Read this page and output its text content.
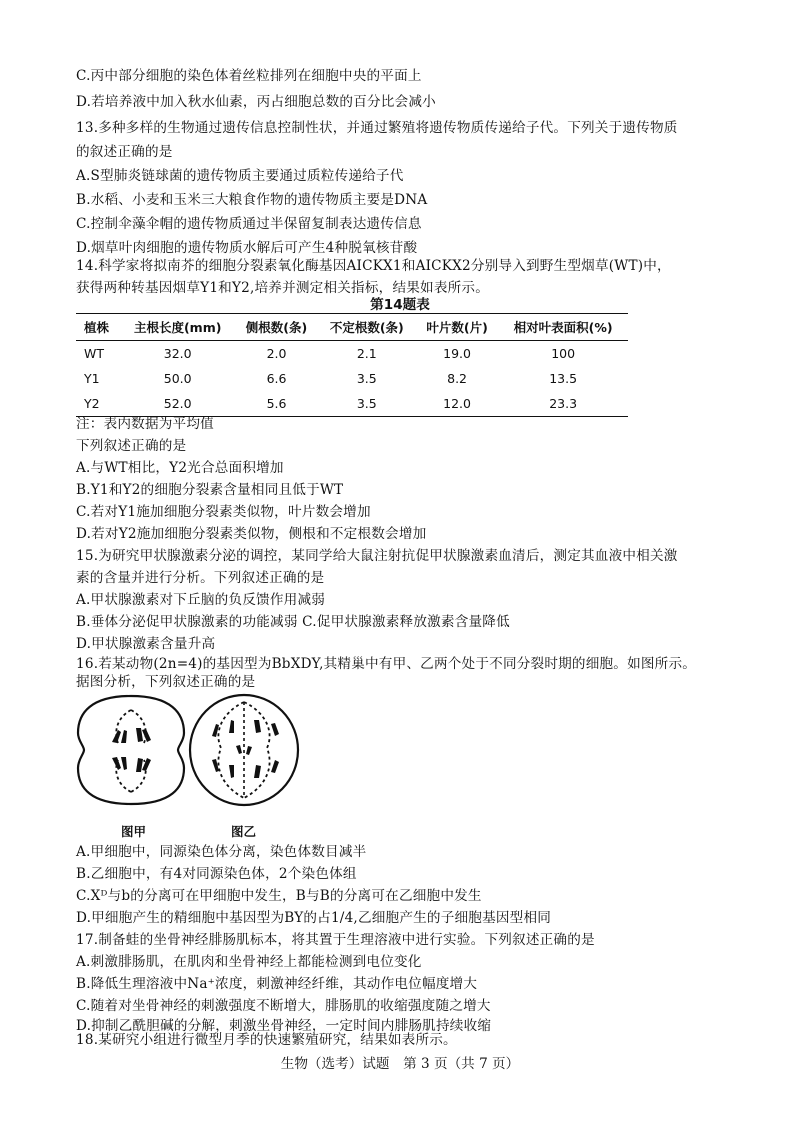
C.丙中部分细胞的染色体着丝粒排列在细胞中央的平面上
D.若培养液中加入秋水仙素，丙占细胞总数的百分比会减小
13.多种多样的生物通过遗传信息控制性状，并通过繁殖将遗传物质传递给子代。下列关于遗传物质
的叙述正确的是
A.S型肺炎链球菌的遗传物质主要通过质粒传递给子代
B.水稻、小麦和玉米三大粮食作物的遗传物质主要是DNA
C.控制伞藻伞帽的遗传物质通过半保留复制表达遗传信息
D.烟草叶肉细胞的遗传物质水解后可产生4种脱氧核苷酸
14.科学家将拟南芥的细胞分裂素氧化酶基因AICKX1和AICKX2分别导入到野生型烟草(WT)中，
获得两种转基因烟草Y1和Y2,培养并测定相关指标，结果如表所示。
第14题表
植株	主根长度(mm)	侧根数(条)	不定根数(条)	叶片数(片)	相对叶表面积(%)
WT	32.0	2.0	2.1	19.0	100
Y1	50.0	6.6	3.5	8.2	13.5
Y2	52.0	5.6	3.5	12.0	23.3
注：表内数据为平均值
下列叙述正确的是
A.与WT相比，Y2光合总面积增加
B.Y1和Y2的细胞分裂素含量相同且低于WT
C.若对Y1施加细胞分裂素类似物，叶片数会增加
D.若对Y2施加细胞分裂素类似物，侧根和不定根数会增加
15.为研究甲状腺激素分泌的调控，某同学给大鼠注射抗促甲状腺激素血清后，测定其血液中相关激
素的含量并进行分析。下列叙述正确的是
A.甲状腺激素对下丘脑的负反馈作用减弱
B.垂体分泌促甲状腺激素的功能减弱 C.促甲状腺激素释放激素含量降低
D.甲状腺激素含量升高
16.若某动物(2n=4)的基因型为BbXDY,其精巢中有甲、乙两个处于不同分裂时期的细胞。如图所示。
据图分析，下列叙述正确的是
图甲	图乙
A.甲细胞中，同源染色体分离，染色体数目减半
B.乙细胞中，有4对同源染色体，2个染色体组
C.Xᴰ与b的分离可在甲细胞中发生，B与B的分离可在乙细胞中发生
D.甲细胞产生的精细胞中基因型为BY的占1/4,乙细胞产生的子细胞基因型相同
17.制备蛙的坐骨神经腓肠肌标本，将其置于生理溶液中进行实验。下列叙述正确的是
A.刺激腓肠肌，在肌肉和坐骨神经上都能检测到电位变化
B.降低生理溶液中Na⁺浓度，刺激神经纤维，其动作电位幅度增大
C.随着对坐骨神经的刺激强度不断增大，腓肠肌的收缩强度随之增大
D.抑制乙酰胆碱的分解，刺激坐骨神经，一定时间内腓肠肌持续收缩
生物（选考）试题　第 3 页（共 7 页）
18.某研究小组进行微型月季的快速繁殖研究，结果如表所示。
